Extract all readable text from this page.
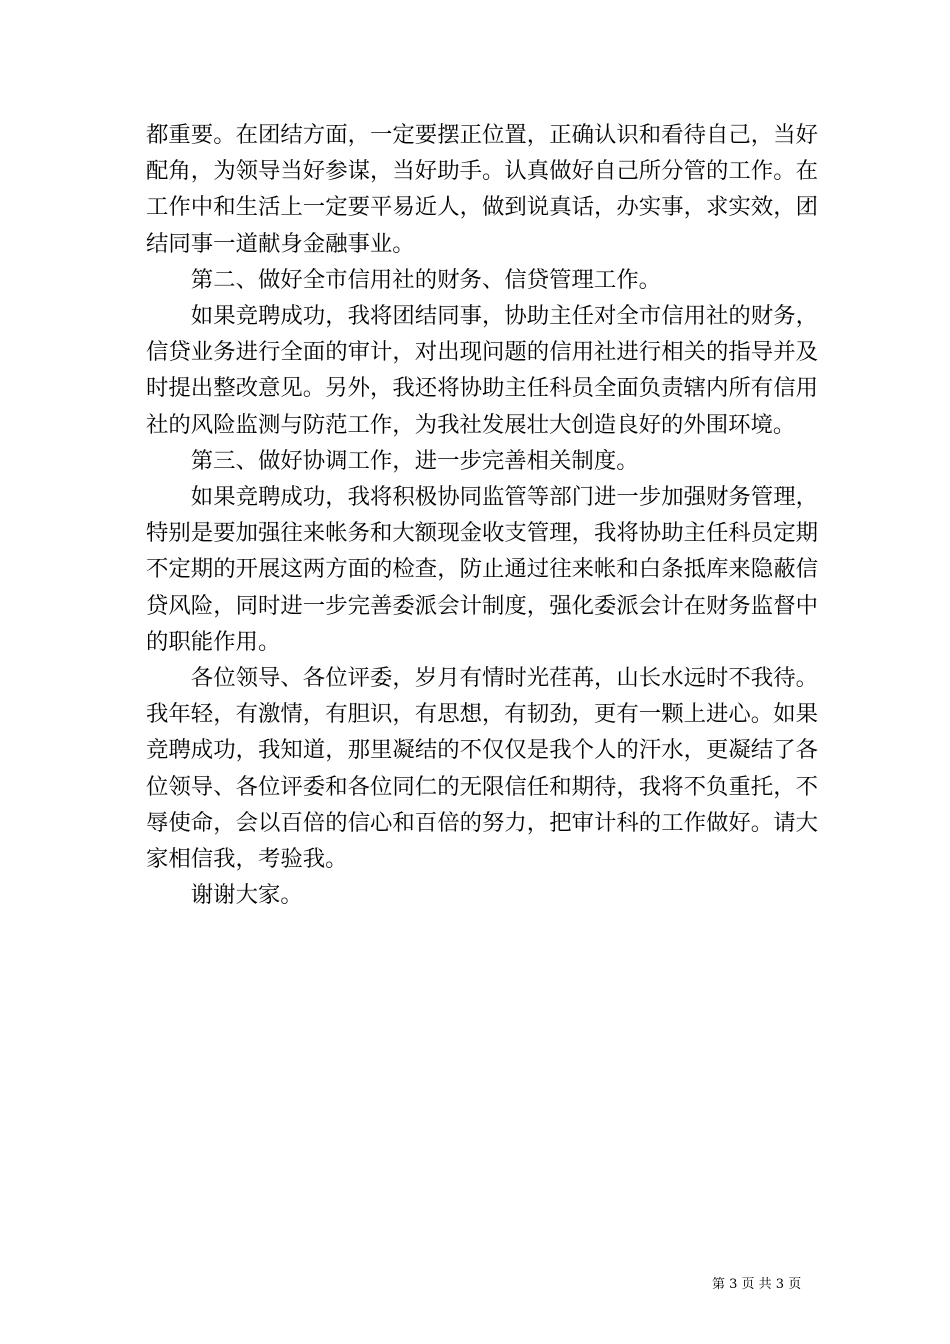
都重要。在团结方面，一定要摆正位置，正确认识和看待自己，当好配角，为领导当好参谋，当好助手。认真做好自己所分管的工作。在工作中和生活上一定要平易近人，做到说真话，办实事，求实效，团结同事一道献身金融事业。

第二、做好全市信用社的财务、信贷管理工作。

如果竞聘成功，我将团结同事，协助主任对全市信用社的财务，信贷业务进行全面的审计，对出现问题的信用社进行相关的指导并及时提出整改意见。另外，我还将协助主任科员全面负责辖内所有信用社的风险监测与防范工作，为我社发展壮大创造良好的外围环境。

第三、做好协调工作，进一步完善相关制度。

如果竞聘成功，我将积极协同监管等部门进一步加强财务管理，特别是要加强往来帐务和大额现金收支管理，我将协助主任科员定期不定期的开展这两方面的检查，防止通过往来帐和白条抵库来隐蔽信贷风险，同时进一步完善委派会计制度，强化委派会计在财务监督中的职能作用。

各位领导、各位评委，岁月有情时光荏苒，山长水远时不我待。我年轻，有激情，有胆识，有思想，有韧劲，更有一颗上进心。如果竞聘成功，我知道，那里凝结的不仅仅是我个人的汗水，更凝结了各位领导、各位评委和各位同仁的无限信任和期待，我将不负重托，不辱使命，会以百倍的信心和百倍的努力，把审计科的工作做好。请大家相信我，考验我。

谢谢大家。

第 3 页 共 3 页
